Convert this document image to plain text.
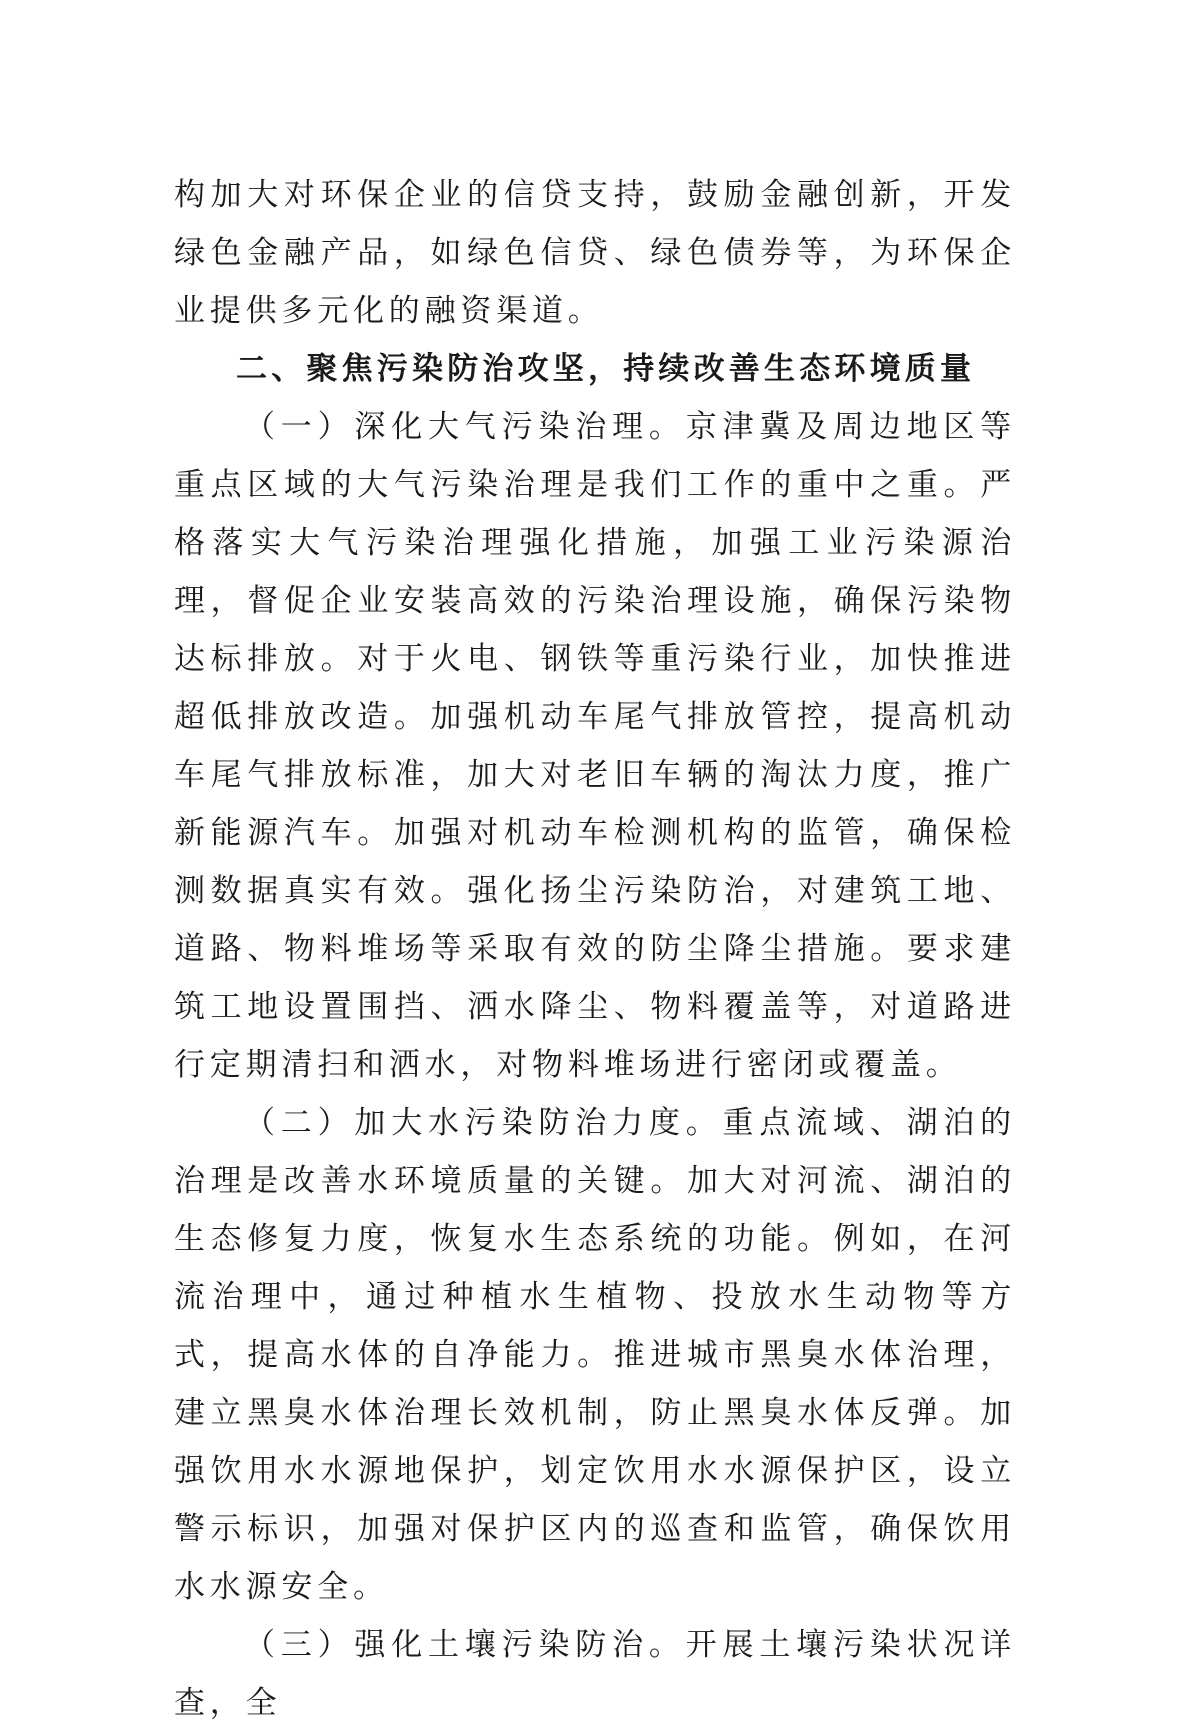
构加大对环保企业的信贷支持，鼓励金融创新，开发绿色金融产品，如绿色信贷、绿色债券等，为环保企业提供多元化的融资渠道。

二、聚焦污染防治攻坚，持续改善生态环境质量

（一）深化大气污染治理。京津冀及周边地区等重点区域的大气污染治理是我们工作的重中之重。严格落实大气污染治理强化措施，加强工业污染源治理，督促企业安装高效的污染治理设施，确保污染物达标排放。对于火电、钢铁等重污染行业，加快推进超低排放改造。加强机动车尾气排放管控，提高机动车尾气排放标准，加大对老旧车辆的淘汰力度，推广新能源汽车。加强对机动车检测机构的监管，确保检测数据真实有效。强化扬尘污染防治，对建筑工地、道路、物料堆场等采取有效的防尘降尘措施。要求建筑工地设置围挡、洒水降尘、物料覆盖等，对道路进行定期清扫和洒水，对物料堆场进行密闭或覆盖。

（二）加大水污染防治力度。重点流域、湖泊的治理是改善水环境质量的关键。加大对河流、湖泊的生态修复力度，恢复水生态系统的功能。例如，在河流治理中，通过种植水生植物、投放水生动物等方式，提高水体的自净能力。推进城市黑臭水体治理，建立黑臭水体治理长效机制，防止黑臭水体反弹。加强饮用水水源地保护，划定饮用水水源保护区，设立警示标识，加强对保护区内的巡查和监管，确保饮用水水源安全。

（三）强化土壤污染防治。开展土壤污染状况详查，全
